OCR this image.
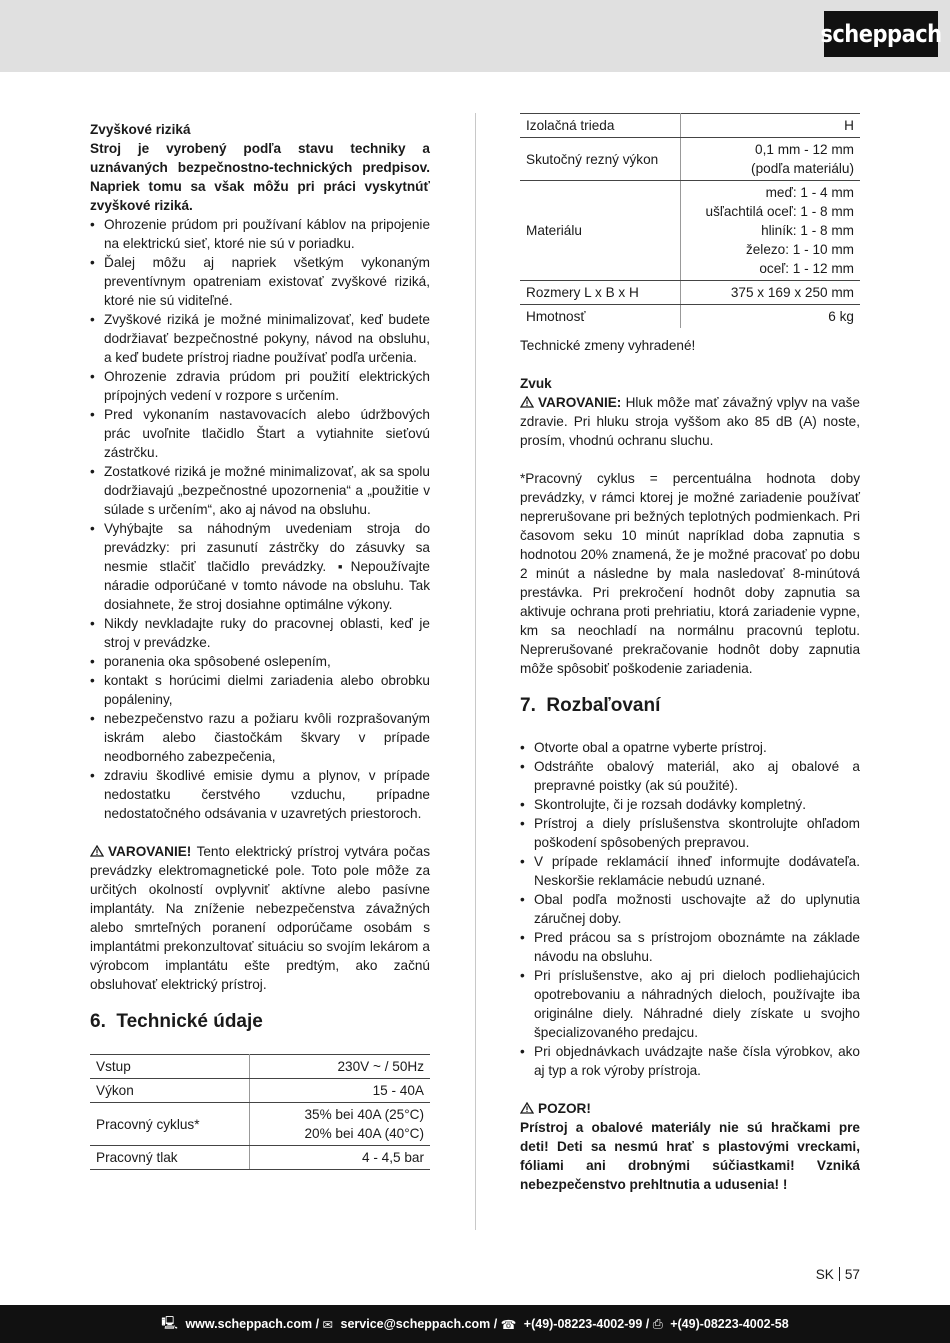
scheppach

Zvyškové riziká

Stroj je vyrobený podľa stavu techniky a uznávaných bezpečnostno-technických predpisov. Napriek tomu sa však môžu pri práci vyskytnúť zvyškové riziká.

• Ohrozenie prúdom pri používaní káblov na pripojenie na elektrickú sieť, ktoré nie sú v poriadku.
• Ďalej môžu aj napriek všetkým vykonaným preventívnym opatreniam existovať zvyškové riziká, ktoré nie sú viditeľné.
• Zvyškové riziká je možné minimalizovať, keď budete dodržiavať bezpečnostné pokyny, návod na obsluhu, a keď budete prístroj riadne používať podľa určenia.
• Ohrozenie zdravia prúdom pri použití elektrických prípojných vedení v rozpore s určením.
• Pred vykonaním nastavovacích alebo údržbových prác uvoľnite tlačidlo Štart a vytiahnite sieťovú zástrčku.
• Zostatkové riziká je možné minimalizovať, ak sa spolu dodržiavajú „bezpečnostné upozornenia“ a „použitie v súlade s určením“, ako aj návod na obsluhu.
• Vyhýbajte sa náhodným uvedeniam stroja do prevádzky: pri zasunutí zástrčky do zásuvky sa nesmie stlačiť tlačidlo prevádzky. ▪Nepoužívajte náradie odporúčané v tomto návode na obsluhu. Tak dosiahnete, že stroj dosiahne optimálne výkony.
• Nikdy nevkladajte ruky do pracovnej oblasti, keď je stroj v prevádzke.
• poranenia oka spôsobené oslepením,
• kontakt s horúcimi dielmi zariadenia alebo obrobku popáleniny,
• nebezpečenstvo razu a požiaru kvôli rozprašovaným iskrám alebo čiastočkám škvary v prípade neodborného zabezpečenia,
• zdraviu škodlivé emisie dymu a plynov, v prípade nedostatku čerstvého vzduchu, prípadne nedostatočného odsávania v uzavretých priestoroch.

VAROVANIE! Tento elektrický prístroj vytvára počas prevádzky elektromagnetické pole. Toto pole môže za určitých okolností ovplyvniť aktívne alebo pasívne implantáty. Na zníženie nebezpečenstva závažných alebo smrteľných poranení odporúčame osobám s implantátmi prekonzultovať situáciu so svojím lekárom a výrobcom implantátu ešte predtým, ako začnú obsluhovať elektrický prístroj.

6. Technické údaje
Vstup	230V ~ / 50Hz
Výkon	15 - 40A
Pracovný cyklus*	35% bei 40A (25°C)
20% bei 40A (40°C)

Pracovný tlak	4 - 4,5 bar
Izolačná trieda	H

Skutočný rezný výkon	0,1 mm - 12 mm
(podľa materiálu)

Materiálu	meď: 1 - 4 mm
ušľachtilá oceľ: 1 - 8 mm
hliník: 1 - 8 mm
železo: 1 - 10 mm
oceľ: 1 - 12 mm

Rozmery L x B x H	375 x 169 x 250 mm

Hmotnosť	6 kg

Technické zmeny vyhradené!

Zvuk

VAROVANIE: Hluk môže mať závažný vplyv na vaše zdravie. Pri hluku stroja vyššom ako 85 dB (A) noste, prosím, vhodnú ochranu sluchu.

*Pracovný cyklus = percentuálna hodnota doby prevádzky, v rámci ktorej je možné zariadenie používať neprerušovane pri bežných teplotných podmienkach. Pri časovom seku 10 minút napríklad doba zapnutia s hodnotou 20% znamená, že je možné pracovať po dobu 2 minút a následne by mala nasledovať 8-minútová prestávka. Pri prekročení hodnôt doby zapnutia sa aktivuje ochrana proti prehriatiu, ktorá zariadenie vypne, km sa neochladí na normálnu pracovnú teplotu. Neprerušované prekračovanie hodnôt doby zapnutia môže spôsobiť poškodenie zariadenia.

7. Rozbaľovaní
• Otvorte obal a opatrne vyberte prístroj.
• Odstráňte obalový materiál, ako aj obalové a prepravné poistky (ak sú použité).
• Skontrolujte, či je rozsah dodávky kompletný.
• Prístroj a diely príslušenstva skontrolujte ohľadom poškodení spôsobených prepravou.
• V prípade reklamácií ihneď informujte dodávateľa. Neskoršie reklamácie nebudú uznané.
• Obal podľa možnosti uschovajte až do uplynutia záručnej doby.
• Pred prácou sa s prístrojom oboznámte na základe návodu na obsluhu.
• Pri príslušenstve, ako aj pri dieloch podliehajúcich opotrebovaniu a náhradných dieloch, používajte iba originálne diely. Náhradné diely získate u svojho špecializovaného predajcu.
• Pri objednávkach uvádzajte naše čísla výrobkov, ako aj typ a rok výroby prístroja.

POZOR!

Prístroj a obalové materiály nie sú hračkami pre deti! Deti sa nesmú hrať s plastovými vreckami, fóliami ani drobnými súčiastkami! Vzniká nebezpečenstvo prehltnutia a udusenia! !

SK 57
🖳
www.scheppach.com /
✉
service@scheppach.com /
☎
+(49)-08223-4002-99 /
⎙
+(49)-08223-4002-58
